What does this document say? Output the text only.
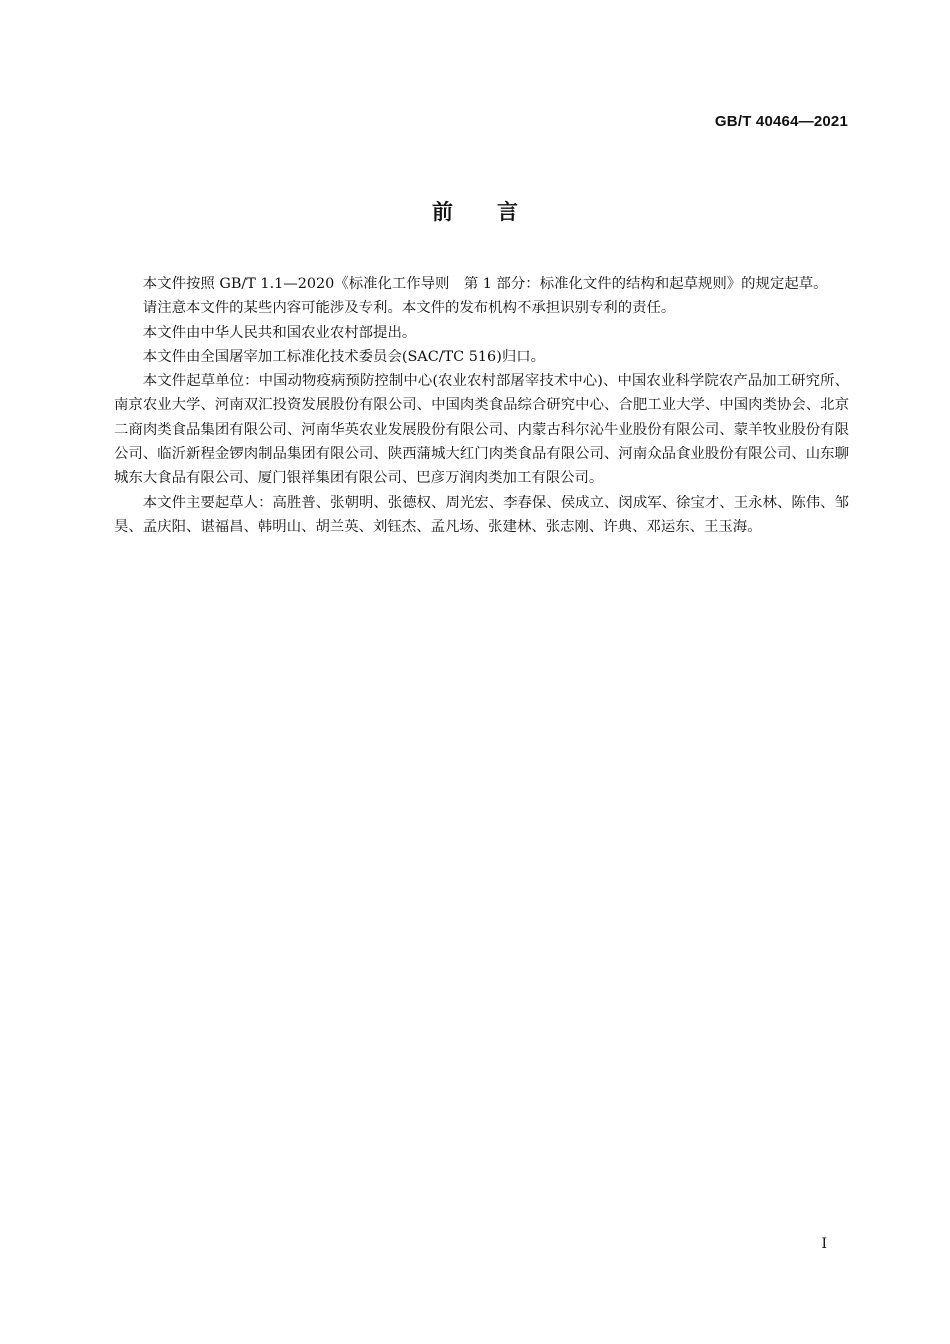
GB/T 40464—2021
前言

本文件按照 GB/T 1.1—2020《标准化工作导则　第 1 部分：标准化文件的结构和起草规则》的规定起草。

请注意本文件的某些内容可能涉及专利。本文件的发布机构不承担识别专利的责任。

本文件由中华人民共和国农业农村部提出。

本文件由全国屠宰加工标准化技术委员会(SAC/TC 516)归口。

本文件起草单位：中国动物疫病预防控制中心(农业农村部屠宰技术中心)、中国农业科学院农产品加工研究所、南京农业大学、河南双汇投资发展股份有限公司、中国肉类食品综合研究中心、合肥工业大学、中国肉类协会、北京二商肉类食品集团有限公司、河南华英农业发展股份有限公司、内蒙古科尔沁牛业股份有限公司、蒙羊牧业股份有限公司、临沂新程金锣肉制品集团有限公司、陕西蒲城大红门肉类食品有限公司、河南众品食业股份有限公司、山东聊城东大食品有限公司、厦门银祥集团有限公司、巴彦万润肉类加工有限公司。

本文件主要起草人：高胜普、张朝明、张德权、周光宏、李春保、侯成立、闵成军、徐宝才、王永林、陈伟、邹昊、孟庆阳、谌福昌、韩明山、胡兰英、刘钰杰、孟凡场、张建林、张志刚、许典、邓运东、王玉海。

I
